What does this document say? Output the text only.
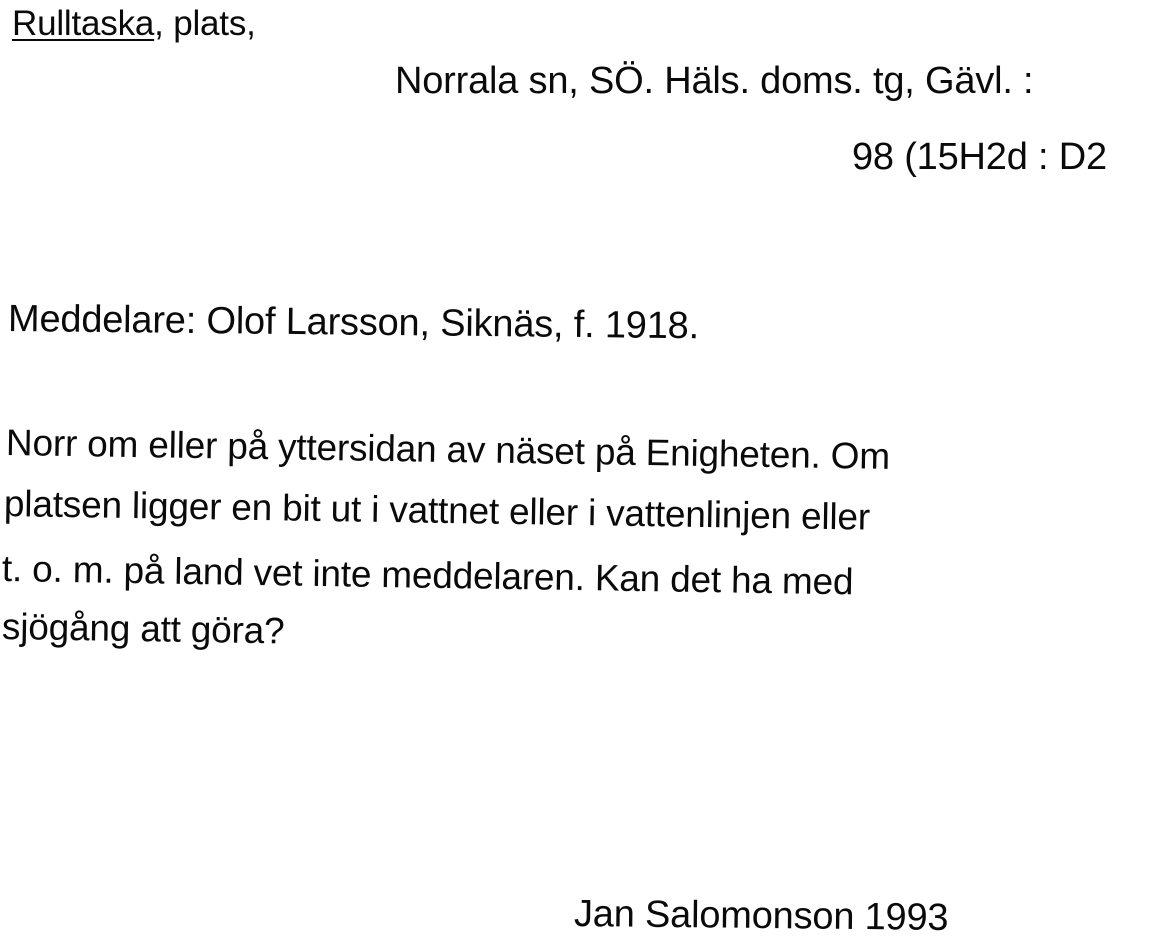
Rulltaska, plats,
Norrala sn, SÖ. Häls. doms. tg, Gävl. :
98 (15H2d : D2
Meddelare: Olof Larsson, Siknäs, f. 1918.
Norr om eller på yttersidan av näset på Enigheten. Om
platsen ligger en bit ut i vattnet eller i vattenlinjen eller
t. o. m. på land vet inte meddelaren. Kan det ha med
sjögång att göra?
Jan Salomonson 1993
